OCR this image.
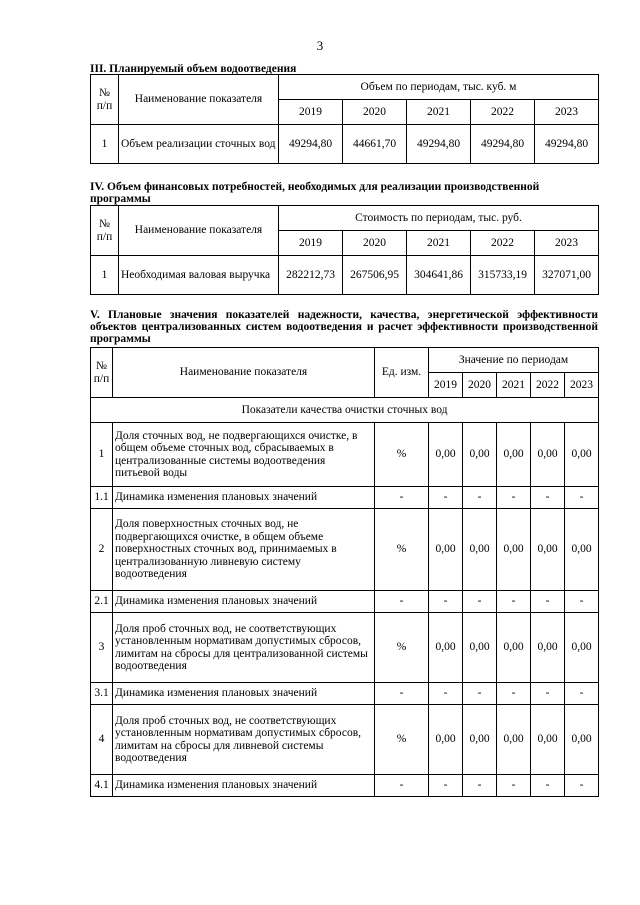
3
III. Планируемый объем водоотведения
№ п/п	Наименование показателя	Объем по периодам, тыс. куб. м				
		2019	2020	2021	2022	2023
1	Объем реализации сточных вод	49294,80	44661,70	49294,80	49294,80	49294,80
IV. Объем финансовых потребностей, необходимых для реализации производственной программы
№ п/п	Наименование показателя	Стоимость по периодам, тыс. руб.				
		2019	2020	2021	2022	2023
1	Необходимая валовая выручка	282212,73	267506,95	304641,86	315733,19	327071,00
V. Плановые значения показателей надежности, качества, энергетической эффективности объектов централизованных систем водоотведения и расчет эффективности производственной программы
№ п/п	Наименование показателя	Ед. изм.	Значение по периодам				
			2019	2020	2021	2022	2023
Показатели качества очистки сточных вод							
1	Доля сточных вод, не подвергающихся очистке, в общем объеме сточных вод, сбрасываемых в централизованные системы водоотведения питьевой воды	%	0,00	0,00	0,00	0,00	0,00
1.1	Динамика изменения плановых значений	-	-	-	-	-	-
2	Доля поверхностных сточных вод, не подвергающихся очистке, в общем объеме поверхностных сточных вод, принимаемых в централизованную ливневую систему водоотведения	%	0,00	0,00	0,00	0,00	0,00
2.1	Динамика изменения плановых значений	-	-	-	-	-	-
3	Доля проб сточных вод, не соответствующих установленным нормативам допустимых сбросов, лимитам на сбросы для централизованной системы водоотведения	%	0,00	0,00	0,00	0,00	0,00
3.1	Динамика изменения плановых значений	-	-	-	-	-	-
4	Доля проб сточных вод, не соответствующих установленным нормативам допустимых сбросов, лимитам на сбросы для ливневой системы водоотведения	%	0,00	0,00	0,00	0,00	0,00
4.1	Динамика изменения плановых значений	-	-	-	-	-	-
